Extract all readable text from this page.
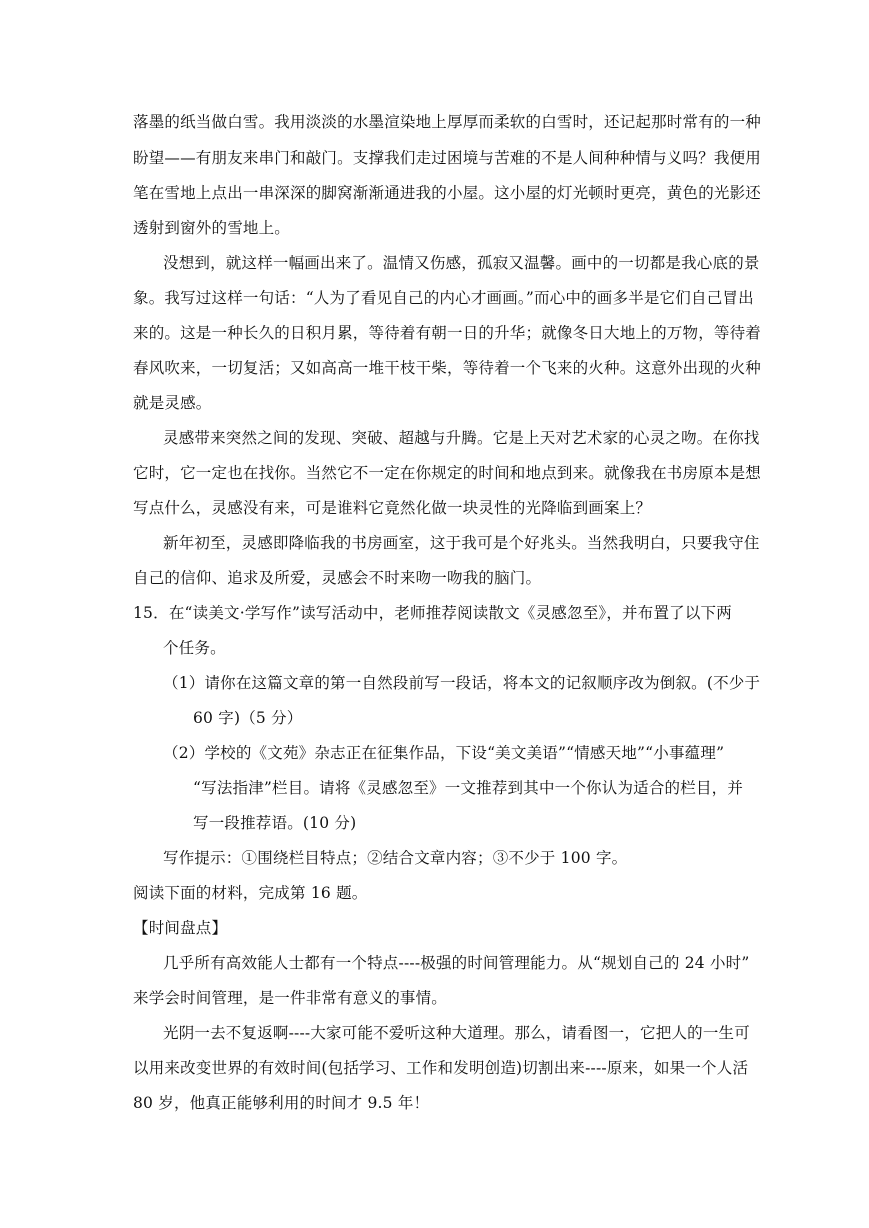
落墨的纸当做白雪。我用淡淡的水墨渲染地上厚厚而柔软的白雪时，还记起那时常有的一种
盼望——有朋友来串门和敲门。支撑我们走过困境与苦难的不是人间种种情与义吗？我便用
笔在雪地上点出一串深深的脚窝渐渐通进我的小屋。这小屋的灯光顿时更亮，黄色的光影还
透射到窗外的雪地上。
没想到，就这样一幅画出来了。温情又伤感，孤寂又温馨。画中的一切都是我心底的景
象。我写过这样一句话：“人为了看见自己的内心才画画。”而心中的画多半是它们自己冒出
来的。这是一种长久的日积月累，等待着有朝一日的升华；就像冬日大地上的万物，等待着
春风吹来，一切复活；又如高高一堆干枝干柴，等待着一个飞来的火种。这意外出现的火种
就是灵感。
灵感带来突然之间的发现、突破、超越与升腾。它是上天对艺术家的心灵之吻。在你找
它时，它一定也在找你。当然它不一定在你规定的时间和地点到来。就像我在书房原本是想
写点什么，灵感没有来，可是谁料它竟然化做一块灵性的光降临到画案上？
新年初至，灵感即降临我的书房画室，这于我可是个好兆头。当然我明白，只要我守住
自己的信仰、追求及所爱，灵感会不时来吻一吻我的脑门。
15．在“读美文·学写作”读写活动中，老师推荐阅读散文《灵感忽至》，并布置了以下两
个任务。
（1）请你在这篇文章的第一自然段前写一段话，将本文的记叙顺序改为倒叙。(不少于
60 字)（5 分）
（2）学校的《文苑》杂志正在征集作品，下设“美文美语”“情感天地”“小事蕴理”
“写法指津”栏目。请将《灵感忽至》一文推荐到其中一个你认为适合的栏目，并
写一段推荐语。(10 分)
写作提示：①围绕栏目特点；②结合文章内容；③不少于 100 字。
阅读下面的材料，完成第 16 题。
【时间盘点】
几乎所有高效能人士都有一个特点----极强的时间管理能力。从“规划自己的 24 小时”
来学会时间管理，是一件非常有意义的事情。
光阴一去不复返啊----大家可能不爱听这种大道理。那么，请看图一，它把人的一生可
以用来改变世界的有效时间(包括学习、工作和发明创造)切割出来----原来，如果一个人活
80 岁，他真正能够利用的时间才 9.5 年！
